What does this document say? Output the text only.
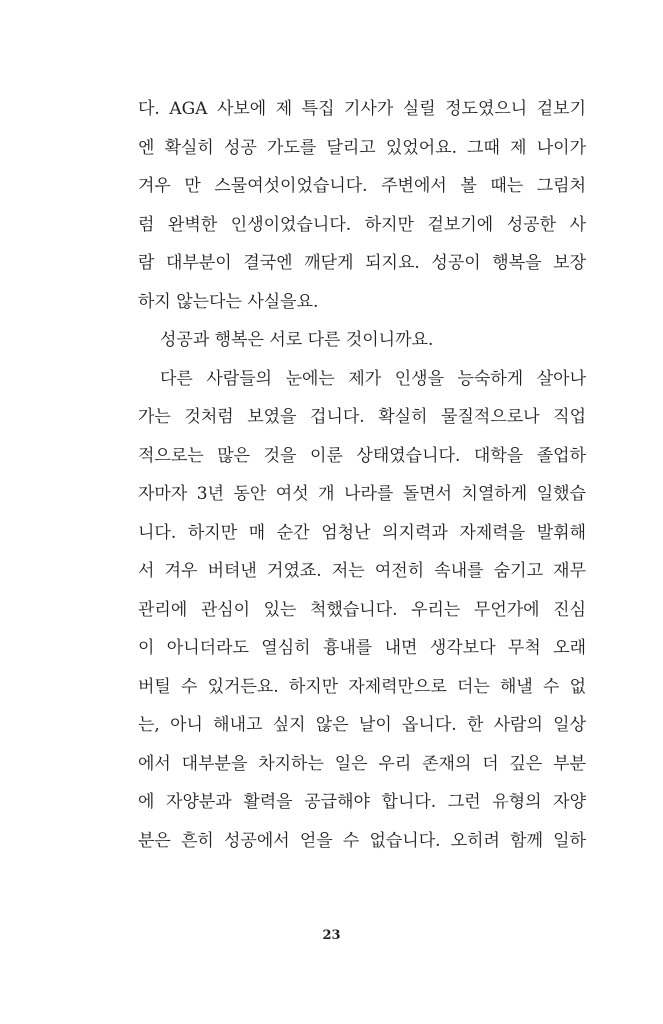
다. AGA 사보에 제 특집 기사가 실릴 정도였으니 겉보기
엔 확실히 성공 가도를 달리고 있었어요. 그때 제 나이가
겨우 만 스물여섯이었습니다. 주변에서 볼 때는 그림처
럼 완벽한 인생이었습니다. 하지만 겉보기에 성공한 사
람 대부분이 결국엔 깨닫게 되지요. 성공이 행복을 보장
하지 않는다는 사실을요.
성공과 행복은 서로 다른 것이니까요.
다른 사람들의 눈에는 제가 인생을 능숙하게 살아나
가는 것처럼 보였을 겁니다. 확실히 물질적으로나 직업
적으로는 많은 것을 이룬 상태였습니다. 대학을 졸업하
자마자 3년 동안 여섯 개 나라를 돌면서 치열하게 일했습
니다. 하지만 매 순간 엄청난 의지력과 자제력을 발휘해
서 겨우 버텨낸 거였죠. 저는 여전히 속내를 숨기고 재무
관리에 관심이 있는 척했습니다. 우리는 무언가에 진심
이 아니더라도 열심히 흉내를 내면 생각보다 무척 오래
버틸 수 있거든요. 하지만 자제력만으로 더는 해낼 수 없
는, 아니 해내고 싶지 않은 날이 옵니다. 한 사람의 일상
에서 대부분을 차지하는 일은 우리 존재의 더 깊은 부분
에 자양분과 활력을 공급해야 합니다. 그런 유형의 자양
분은 흔히 성공에서 얻을 수 없습니다. 오히려 함께 일하
23
